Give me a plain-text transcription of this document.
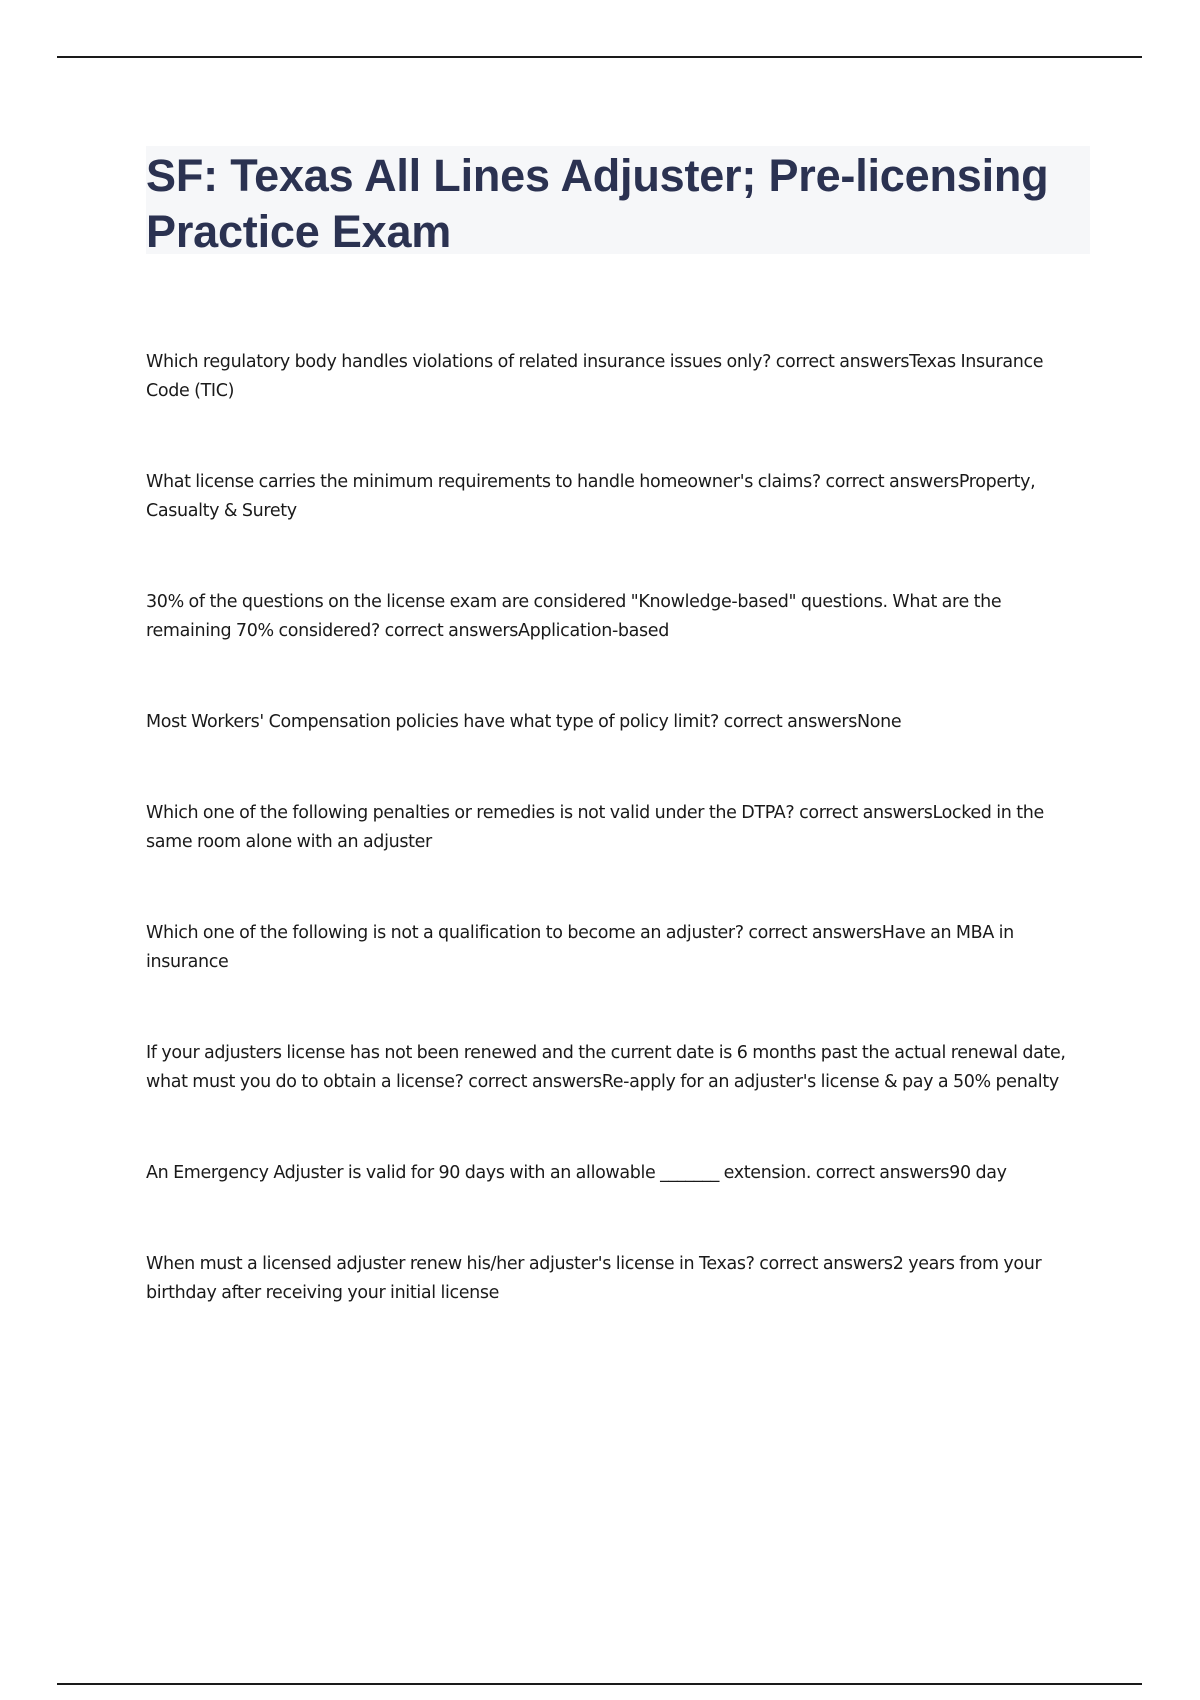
SF: Texas All Lines Adjuster; Pre-licensing Practice Exam

Which regulatory body handles violations of related insurance issues only? correct answersTexas Insurance Code (TIC)

What license carries the minimum requirements to handle homeowner's claims? correct answersProperty, Casualty & Surety

30% of the questions on the license exam are considered "Knowledge-based" questions. What are the remaining 70% considered? correct answersApplication-based

Most Workers' Compensation policies have what type of policy limit? correct answersNone

Which one of the following penalties or remedies is not valid under the DTPA? correct answersLocked in the same room alone with an adjuster

Which one of the following is not a qualification to become an adjuster? correct answersHave an MBA in insurance

If your adjusters license has not been renewed and the current date is 6 months past the actual renewal date, what must you do to obtain a license? correct answersRe-apply for an adjuster's license & pay a 50% penalty

An Emergency Adjuster is valid for 90 days with an allowable _______ extension. correct answers90 day

When must a licensed adjuster renew his/her adjuster's license in Texas? correct answers2 years from your birthday after receiving your initial license
